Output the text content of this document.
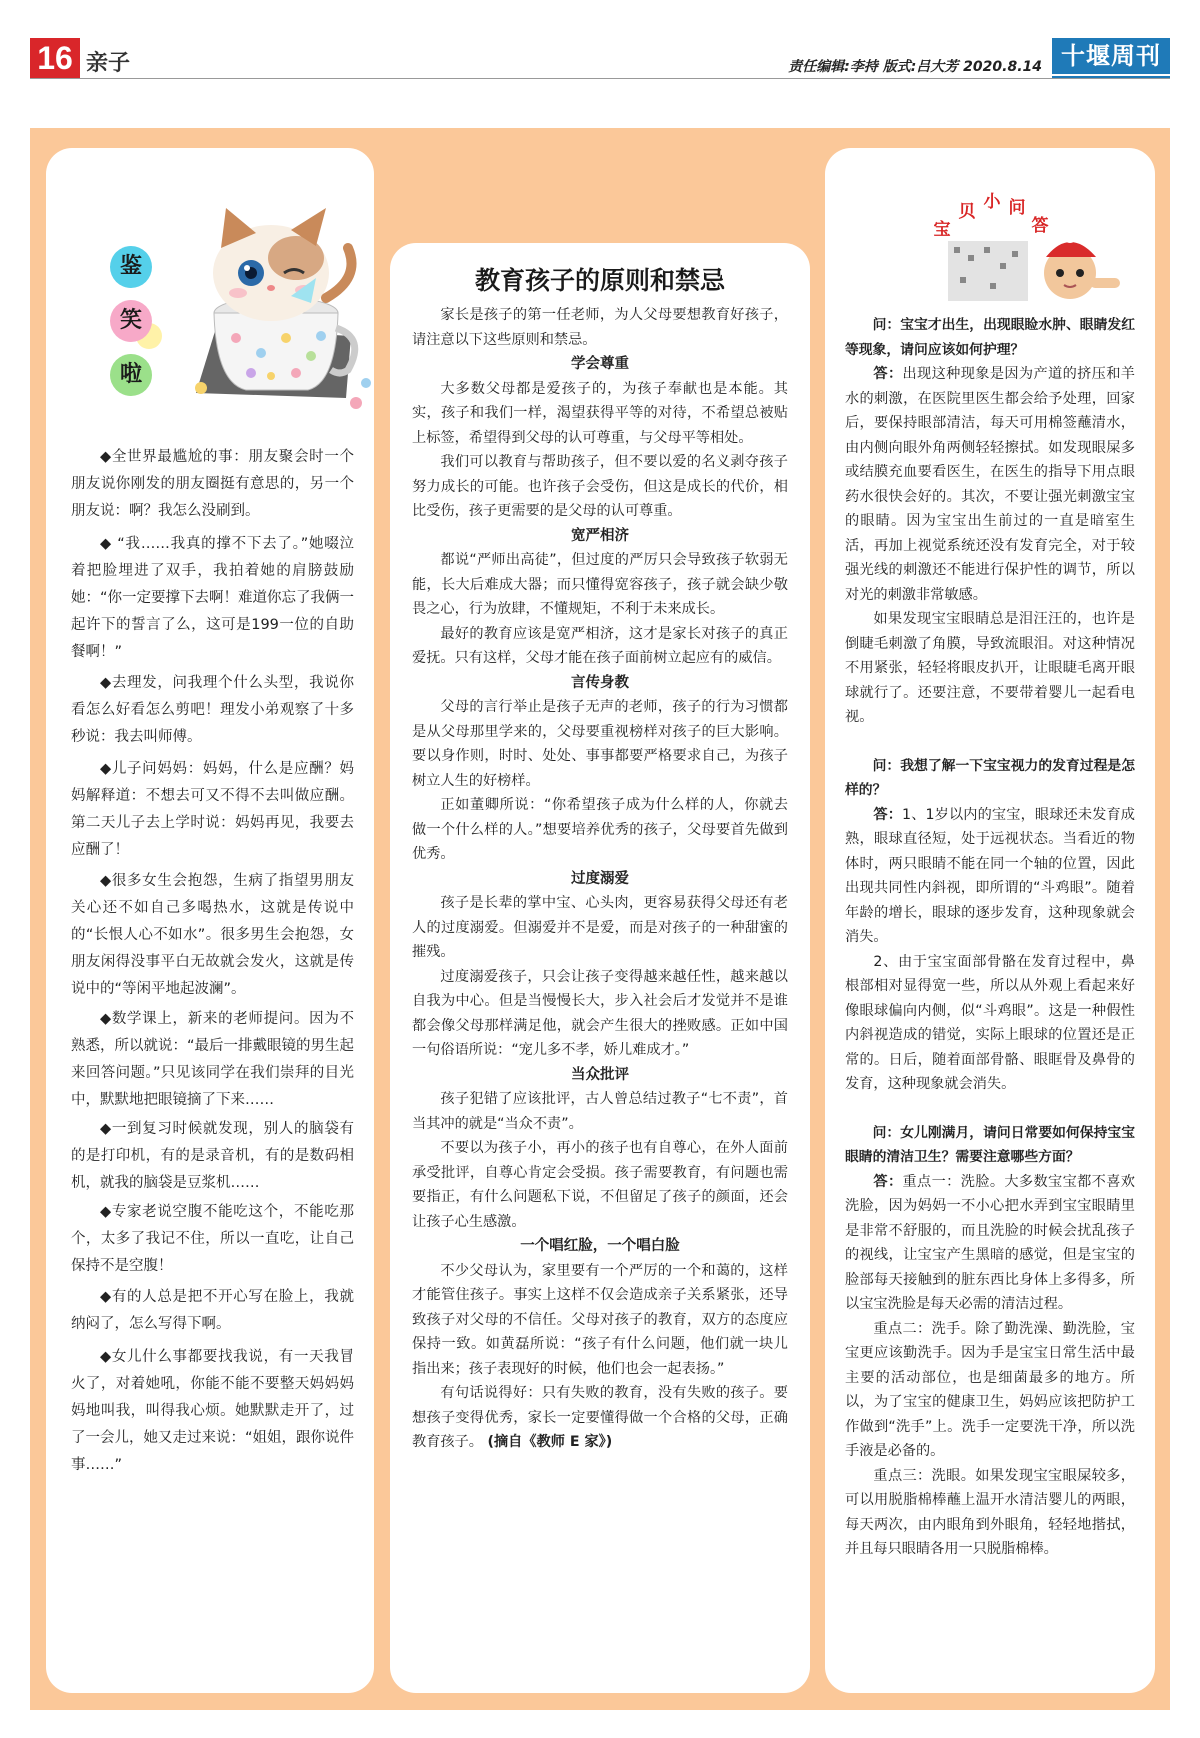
16 亲子	责任编辑:李持 版式:吕大芳 2020.8.14 十堰周刊
鉴
笑
啦

◆全世界最尴尬的事：朋友聚会时一个朋友说你刚发的朋友圈挺有意思的，另一个朋友说：啊？我怎么没刷到。

◆ “我……我真的撑不下去了。”她啜泣着把脸埋进了双手，我拍着她的肩膀鼓励她：“你一定要撑下去啊！难道你忘了我俩一起许下的誓言了么，这可是199一位的自助餐啊！”

◆去理发，问我理个什么头型，我说你看怎么好看怎么剪吧！理发小弟观察了十多秒说：我去叫师傅。

◆儿子问妈妈：妈妈，什么是应酬？妈妈解释道：不想去可又不得不去叫做应酬。第二天儿子去上学时说：妈妈再见，我要去应酬了！

◆很多女生会抱怨，生病了指望男朋友关心还不如自己多喝热水，这就是传说中的“长恨人心不如水”。很多男生会抱怨，女朋友闲得没事平白无故就会发火，这就是传说中的“等闲平地起波澜”。

◆数学课上，新来的老师提问。因为不熟悉，所以就说：“最后一排戴眼镜的男生起来回答问题。”只见该同学在我们崇拜的目光中，默默地把眼镜摘了下来……

◆一到复习时候就发现，别人的脑袋有的是打印机，有的是录音机，有的是数码相机，就我的脑袋是豆浆机……

◆专家老说空腹不能吃这个，不能吃那个，太多了我记不住，所以一直吃，让自己保持不是空腹！

◆有的人总是把不开心写在脸上，我就纳闷了，怎么写得下啊。

◆女儿什么事都要找我说，有一天我冒火了，对着她吼，你能不能不要整天妈妈妈妈地叫我，叫得我心烦。她默默走开了，过了一会儿，她又走过来说：“姐姐，跟你说件事……”

教育孩子的原则和禁忌

家长是孩子的第一任老师，为人父母要想教育好孩子，请注意以下这些原则和禁忌。

学会尊重

大多数父母都是爱孩子的，为孩子奉献也是本能。其实，孩子和我们一样，渴望获得平等的对待，不希望总被贴上标签，希望得到父母的认可尊重，与父母平等相处。

我们可以教育与帮助孩子，但不要以爱的名义剥夺孩子努力成长的可能。也许孩子会受伤，但这是成长的代价，相比受伤，孩子更需要的是父母的认可尊重。

宽严相济

都说“严师出高徒”，但过度的严厉只会导致孩子软弱无能，长大后难成大器；而只懂得宽容孩子，孩子就会缺少敬畏之心，行为放肆，不懂规矩，不利于未来成长。

最好的教育应该是宽严相济，这才是家长对孩子的真正爱抚。只有这样，父母才能在孩子面前树立起应有的威信。

言传身教

父母的言行举止是孩子无声的老师，孩子的行为习惯都是从父母那里学来的，父母要重视榜样对孩子的巨大影响。要以身作则，时时、处处、事事都要严格要求自己，为孩子树立人生的好榜样。

正如董卿所说：“你希望孩子成为什么样的人，你就去做一个什么样的人。”想要培养优秀的孩子，父母要首先做到优秀。

过度溺爱

孩子是长辈的掌中宝、心头肉，更容易获得父母还有老人的过度溺爱。但溺爱并不是爱，而是对孩子的一种甜蜜的摧残。

过度溺爱孩子，只会让孩子变得越来越任性，越来越以自我为中心。但是当慢慢长大，步入社会后才发觉并不是谁都会像父母那样满足他，就会产生很大的挫败感。正如中国一句俗语所说：“宠儿多不孝，娇儿难成才。”

当众批评

孩子犯错了应该批评，古人曾总结过教子“七不责”，首当其冲的就是“当众不责”。

不要以为孩子小，再小的孩子也有自尊心，在外人面前承受批评，自尊心肯定会受损。孩子需要教育，有问题也需要指正，有什么问题私下说，不但留足了孩子的颜面，还会让孩子心生感激。

一个唱红脸，一个唱白脸

不少父母认为，家里要有一个严厉的一个和蔼的，这样才能管住孩子。事实上这样不仅会造成亲子关系紧张，还导致孩子对父母的不信任。父母对孩子的教育，双方的态度应保持一致。如黄磊所说：“孩子有什么问题，他们就一块儿指出来；孩子表现好的时候，他们也会一起表扬。”

有句话说得好：只有失败的教育，没有失败的孩子。要想孩子变得优秀，家长一定要懂得做一个合格的父母，正确教育孩子。 (摘自《教师 E 家》)

宝
贝 小 问
答

问：宝宝才出生，出现眼睑水肿、眼睛发红等现象，请问应该如何护理？

答：出现这种现象是因为产道的挤压和羊水的刺激，在医院里医生都会给予处理，回家后，要保持眼部清洁，每天可用棉签蘸清水，由内侧向眼外角两侧轻轻擦拭。如发现眼屎多或结膜充血要看医生，在医生的指导下用点眼药水很快会好的。其次，不要让强光刺激宝宝的眼睛。因为宝宝出生前过的一直是暗室生活，再加上视觉系统还没有发育完全，对于较强光线的刺激还不能进行保护性的调节，所以对光的刺激非常敏感。

如果发现宝宝眼睛总是泪汪汪的，也许是倒睫毛刺激了角膜，导致流眼泪。对这种情况不用紧张，轻轻将眼皮扒开，让眼睫毛离开眼球就行了。还要注意，不要带着婴儿一起看电视。

问：我想了解一下宝宝视力的发育过程是怎样的？

答：1、1岁以内的宝宝，眼球还未发育成熟，眼球直径短，处于远视状态。当看近的物体时，两只眼睛不能在同一个轴的位置，因此出现共同性内斜视，即所谓的“斗鸡眼”。随着年龄的增长，眼球的逐步发育，这种现象就会消失。

2、由于宝宝面部骨骼在发育过程中，鼻根部相对显得宽一些，所以从外观上看起来好像眼球偏向内侧，似“斗鸡眼”。这是一种假性内斜视造成的错觉，实际上眼球的位置还是正常的。日后，随着面部骨骼、眼眶骨及鼻骨的发育，这种现象就会消失。

问：女儿刚满月，请问日常要如何保持宝宝眼睛的清洁卫生？需要注意哪些方面？

答：重点一：洗脸。大多数宝宝都不喜欢洗脸，因为妈妈一不小心把水弄到宝宝眼睛里是非常不舒服的，而且洗脸的时候会扰乱孩子的视线，让宝宝产生黑暗的感觉，但是宝宝的脸部每天接触到的脏东西比身体上多得多，所以宝宝洗脸是每天必需的清洁过程。

重点二：洗手。除了勤洗澡、勤洗脸，宝宝更应该勤洗手。因为手是宝宝日常生活中最主要的活动部位，也是细菌最多的地方。所以，为了宝宝的健康卫生，妈妈应该把防护工作做到“洗手”上。洗手一定要洗干净，所以洗手液是必备的。

重点三：洗眼。如果发现宝宝眼屎较多，可以用脱脂棉棒蘸上温开水清洁婴儿的两眼，每天两次，由内眼角到外眼角，轻轻地揩拭，并且每只眼睛各用一只脱脂棉棒。
